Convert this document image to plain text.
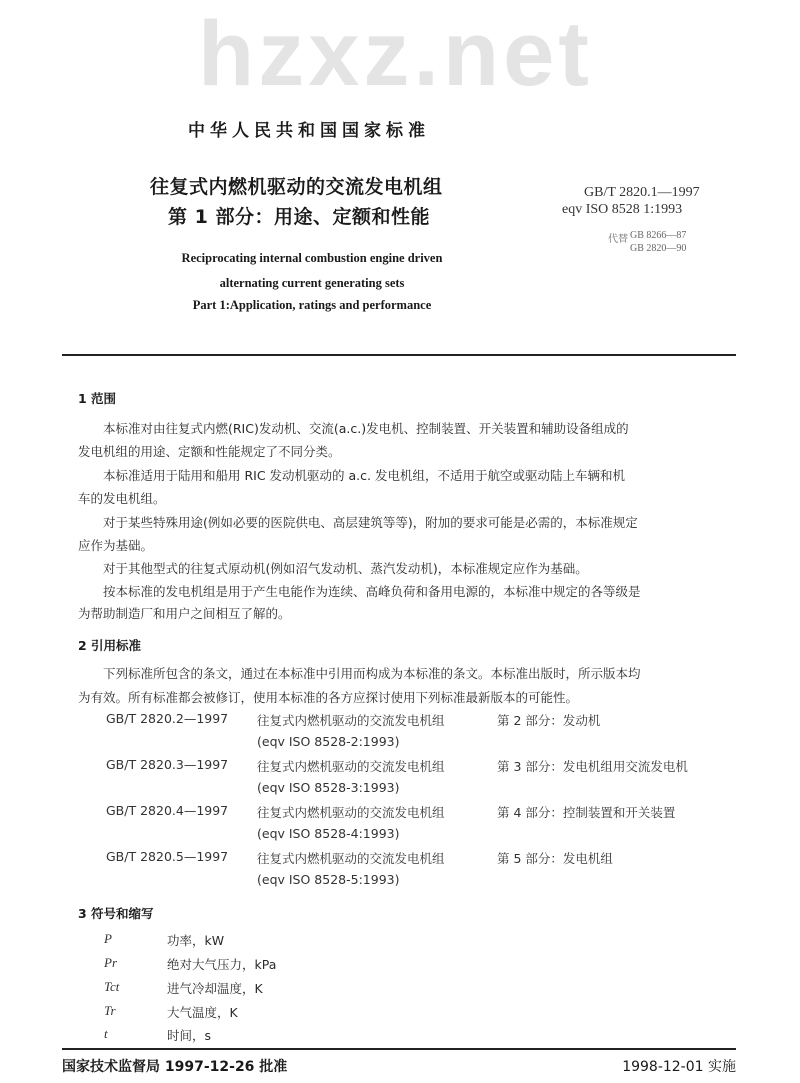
hzxz.net
中华人民共和国国家标准
往复式内燃机驱动的交流发电机组
第 1 部分：用途、定额和性能
GB/T 2820.1—1997
eqv ISO 8528 1:1993
代替 GB 8266—87
GB 2820—90
Reciprocating internal combustion engine driven
alternating current generating sets
Part 1:Application, ratings and performance
1 范围
本标准对由往复式内燃(RIC)发动机、交流(a.c.)发电机、控制装置、开关装置和辅助设备组成的
发电机组的用途、定额和性能规定了不同分类。
本标准适用于陆用和船用 RIC 发动机驱动的 a.c. 发电机组，不适用于航空或驱动陆上车辆和机
车的发电机组。
对于某些特殊用途(例如必要的医院供电、高层建筑等等)，附加的要求可能是必需的，本标准规定
应作为基础。
对于其他型式的往复式原动机(例如沼气发动机、蒸汽发动机)，本标准规定应作为基础。
按本标准的发电机组是用于产生电能作为连续、高峰负荷和备用电源的，本标准中规定的各等级是
为帮助制造厂和用户之间相互了解的。
2 引用标准
下列标准所包含的条文，通过在本标准中引用而构成为本标准的条文。本标准出版时，所示版本均
为有效。所有标准都会被修订，使用本标准的各方应探讨使用下列标准最新版本的可能性。
GB/T 2820.2—1997 往复式内燃机驱动的交流发电机组	第 2 部分：发动机
(eqv ISO 8528-2:1993)
GB/T 2820.3—1997 往复式内燃机驱动的交流发电机组	第 3 部分：发电机组用交流发电机
(eqv ISO 8528-3:1993)
GB/T 2820.4—1997 往复式内燃机驱动的交流发电机组	第 4 部分：控制装置和开关装置
(eqv ISO 8528-4:1993)
GB/T 2820.5—1997 往复式内燃机驱动的交流发电机组	第 5 部分：发电机组
(eqv ISO 8528-5:1993)
3 符号和缩写
P	功率，kW
Pr	绝对大气压力，kPa
Tct	进气冷却温度，K
Tr	大气温度，K
t	时间，s
国家技术监督局 1997-12-26 批准	1998-12-01 实施
